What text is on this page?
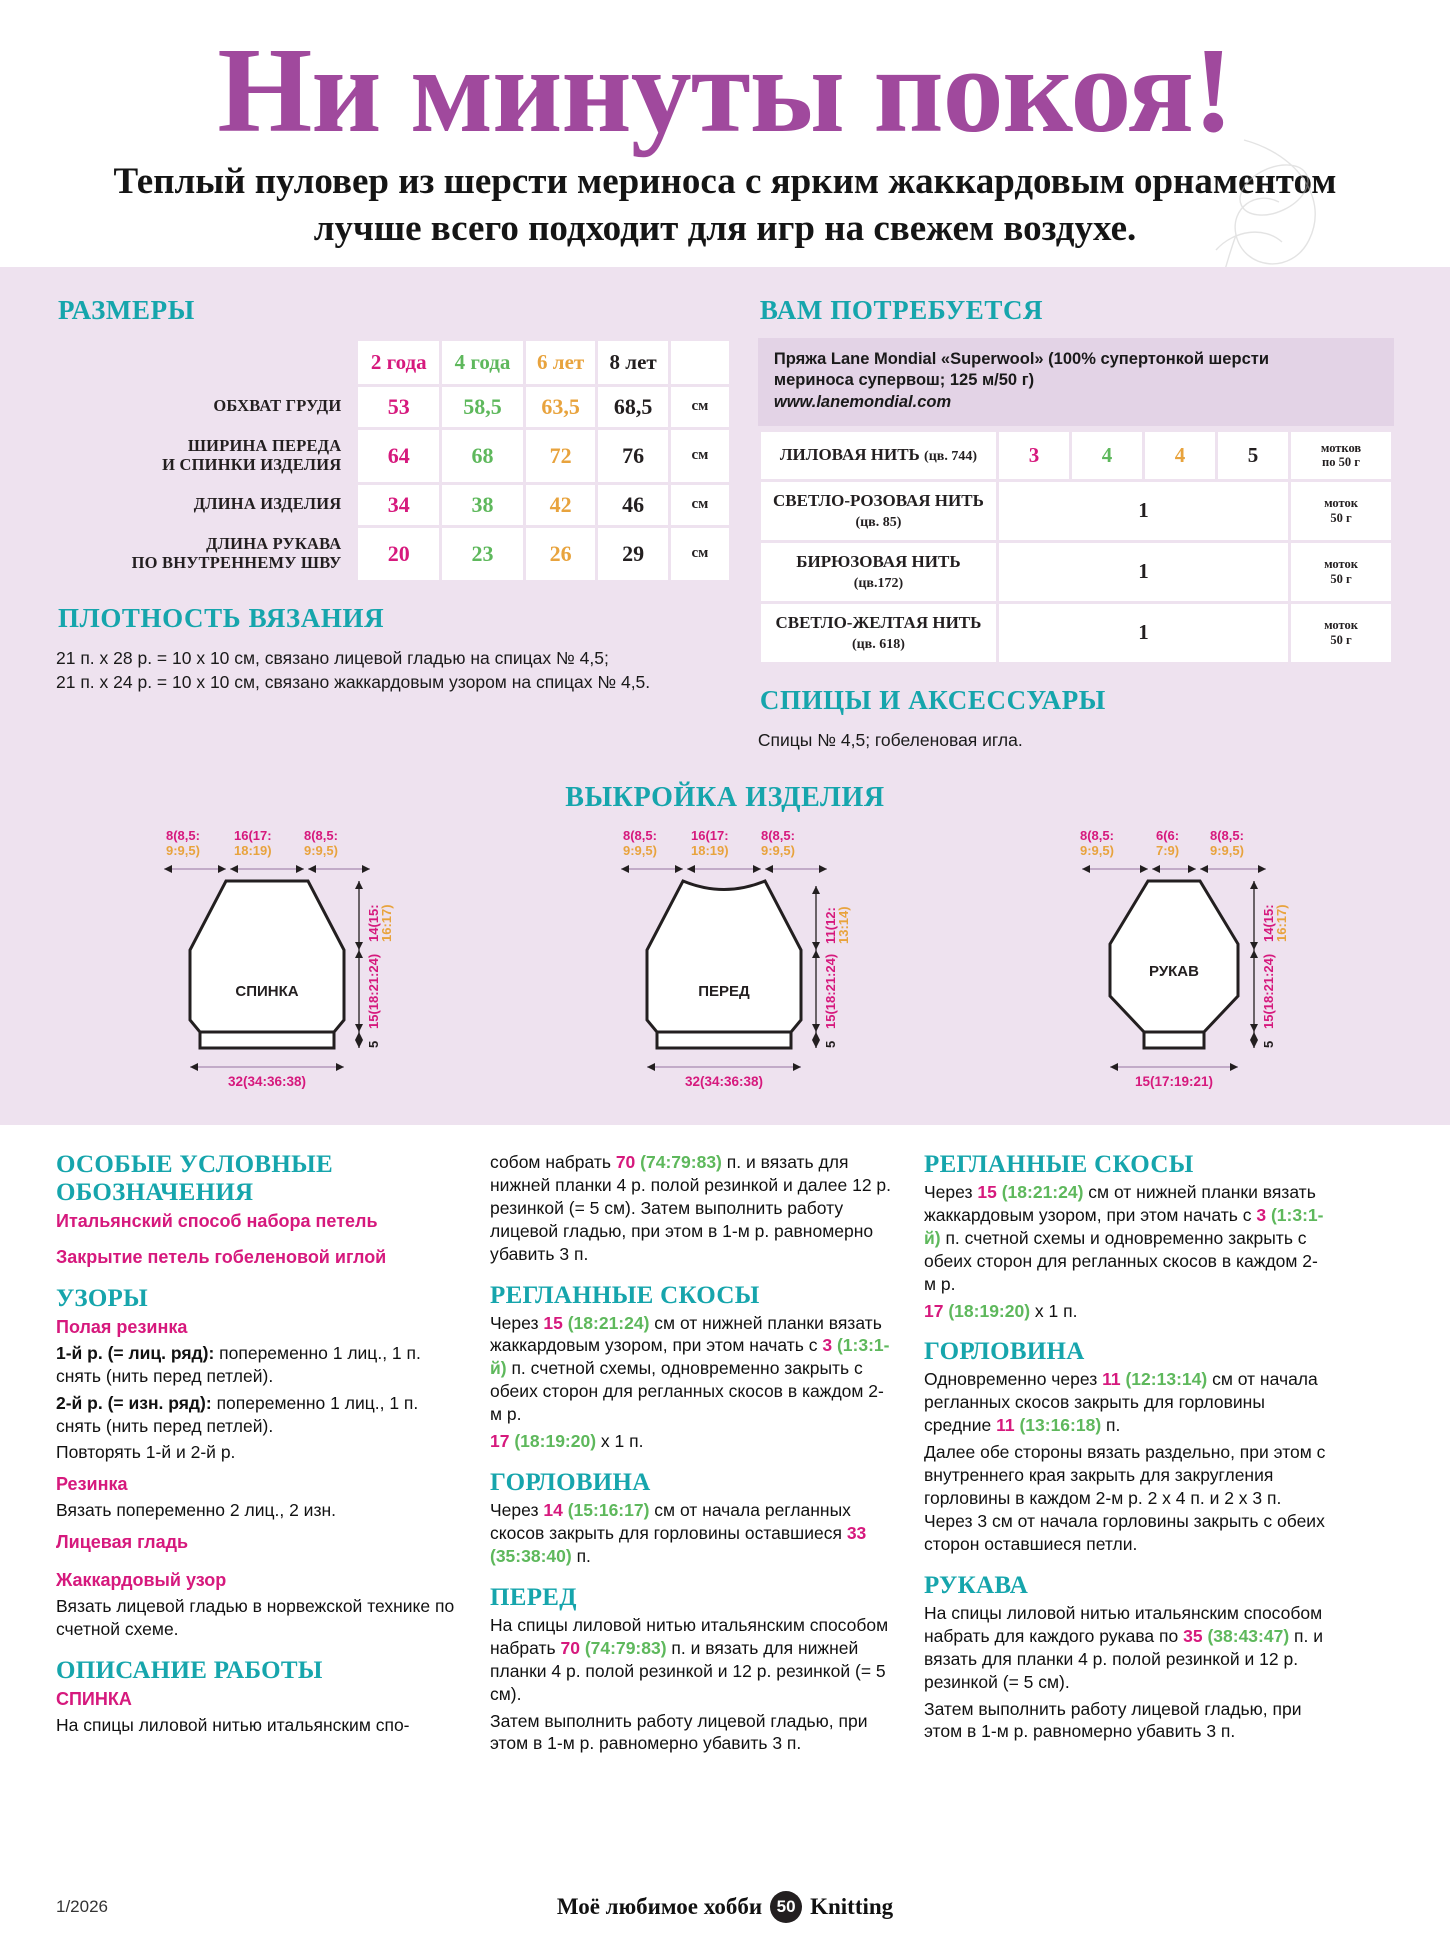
Ни минуты покоя!
Теплый пуловер из шерсти мериноса с ярким жаккардовым орнаментом лучше всего подходит для игр на свежем воздухе.
РАЗМЕРЫ
	2 года	4 года	6 лет	8 лет	
ОБХВАТ ГРУДИ	53	58,5	63,5	68,5	см
ШИРИНА ПЕРЕДА
И СПИНКИ ИЗДЕЛИЯ	64	68	72	76	см
ДЛИНА ИЗДЕЛИЯ	34	38	42	46	см
ДЛИНА РУКАВА
ПО ВНУТРЕННЕМУ ШВУ	20	23	26	29	см
ПЛОТНОСТЬ ВЯЗАНИЯ
21 п. х 28 р. = 10 х 10 см, связано лицевой гладью на спицах № 4,5;
21 п. х 24 р. = 10 х 10 см, связано жаккардовым узором на спицах № 4,5.
ВАМ ПОТРЕБУЕТСЯ
Пряжа Lane Mondial «Superwool» (100% супертонкой шерсти
мериноса супервош; 125 м/50 г)
www.lanemondial.com
ЛИЛОВАЯ НИТЬ (цв. 744)	3	4	4	5	мотков
по 50 г
СВЕТЛО-РОЗОВАЯ НИТЬ (цв. 85)	1				моток
50 г
БИРЮЗОВАЯ НИТЬ (цв.172)	1				моток
50 г
СВЕТЛО-ЖЕЛТАЯ НИТЬ (цв. 618)	1				моток
50 г
СПИЦЫ И АКСЕССУАРЫ
Спицы № 4,5; гобеленовая игла.
ВЫКРОЙКА ИЗДЕЛИЯ
8(8,5:
9:9,5)
16(17:
18:19)
8(8,5:
9:9,5)
СПИНКА
14(15:
16:17)
15(18:21:24)
5
32(34:36:38)
8(8,5:
9:9,5)
16(17:
18:19)
8(8,5:
9:9,5)
ПЕРЕД
11(12:
13:14)
15(18:21:24)
5
32(34:36:38)
8(8,5:
9:9,5)
6(6:
7:9)
8(8,5:
9:9,5)
РУКАВ
14(15:
16:17)
15(18:21:24)
5
15(17:19:21)
ОСОБЫЕ УСЛОВНЫЕ
ОБОЗНАЧЕНИЯ
Итальянский способ набора петель
Закрытие петель гобеленовой иглой
УЗОРЫ
Полая резинка
1-й р. (= лиц. ряд): попеременно 1 лиц., 1 п. снять (нить перед петлей).
2-й р. (= изн. ряд): попеременно 1 лиц., 1 п. снять (нить перед петлей).
Повторять 1-й и 2-й р.
Резинка
Вязать попеременно 2 лиц., 2 изн.
Лицевая гладь
Жаккардовый узор
Вязать лицевой гладью в норвежской технике по счетной схеме.
ОПИСАНИЕ РАБОТЫ
СПИНКА
На спицы лиловой нитью итальянским спо-
собом набрать 70 (74:79:83) п. и вязать для нижней планки 4 р. полой резинкой и далее 12 р. резинкой (= 5 см). Затем выполнить работу лицевой гладью, при этом в 1-м р. равномерно убавить 3 п.
РЕГЛАННЫЕ СКОСЫ
Через 15 (18:21:24) см от нижней планки вязать жаккардовым узором, при этом начать с 3 (1:3:1-й) п. счетной схемы, одновременно закрыть с обеих сторон для регланных скосов в каждом 2-м р.
17 (18:19:20) х 1 п.
ГОРЛОВИНА
Через 14 (15:16:17) см от начала регланных скосов закрыть для горловины оставшиеся 33 (35:38:40) п.
ПЕРЕД
На спицы лиловой нитью итальянским способом набрать 70 (74:79:83) п. и вязать для нижней планки 4 р. полой резинкой и 12 р. резинкой (= 5 см).
Затем выполнить работу лицевой гладью, при этом в 1-м р. равномерно убавить 3 п.
РЕГЛАННЫЕ СКОСЫ
Через 15 (18:21:24) см от нижней планки вязать жаккардовым узором, при этом начать с 3 (1:3:1-й) п. счетной схемы и одновременно закрыть с обеих сторон для регланных скосов в каждом 2-м р.
17 (18:19:20) х 1 п.
ГОРЛОВИНА
Одновременно через 11 (12:13:14) см от начала регланных скосов закрыть для горловины средние 11 (13:16:18) п.
Далее обе стороны вязать раздельно, при этом с внутреннего края закрыть для закругления горловины в каждом 2-м р. 2 х 4 п. и 2 х 3 п. Через 3 см от начала горловины закрыть с обеих сторон оставшиеся петли.
РУКАВА
На спицы лиловой нитью итальянским способом набрать для каждого рукава по 35 (38:43:47) п. и вязать для планки 4 р. полой резинкой и 12 р. резинкой (= 5 см).
Затем выполнить работу лицевой гладью, при этом в 1-м р. равномерно убавить 3 п.
1/2026	Моё любимое хобби 50 Knitting
